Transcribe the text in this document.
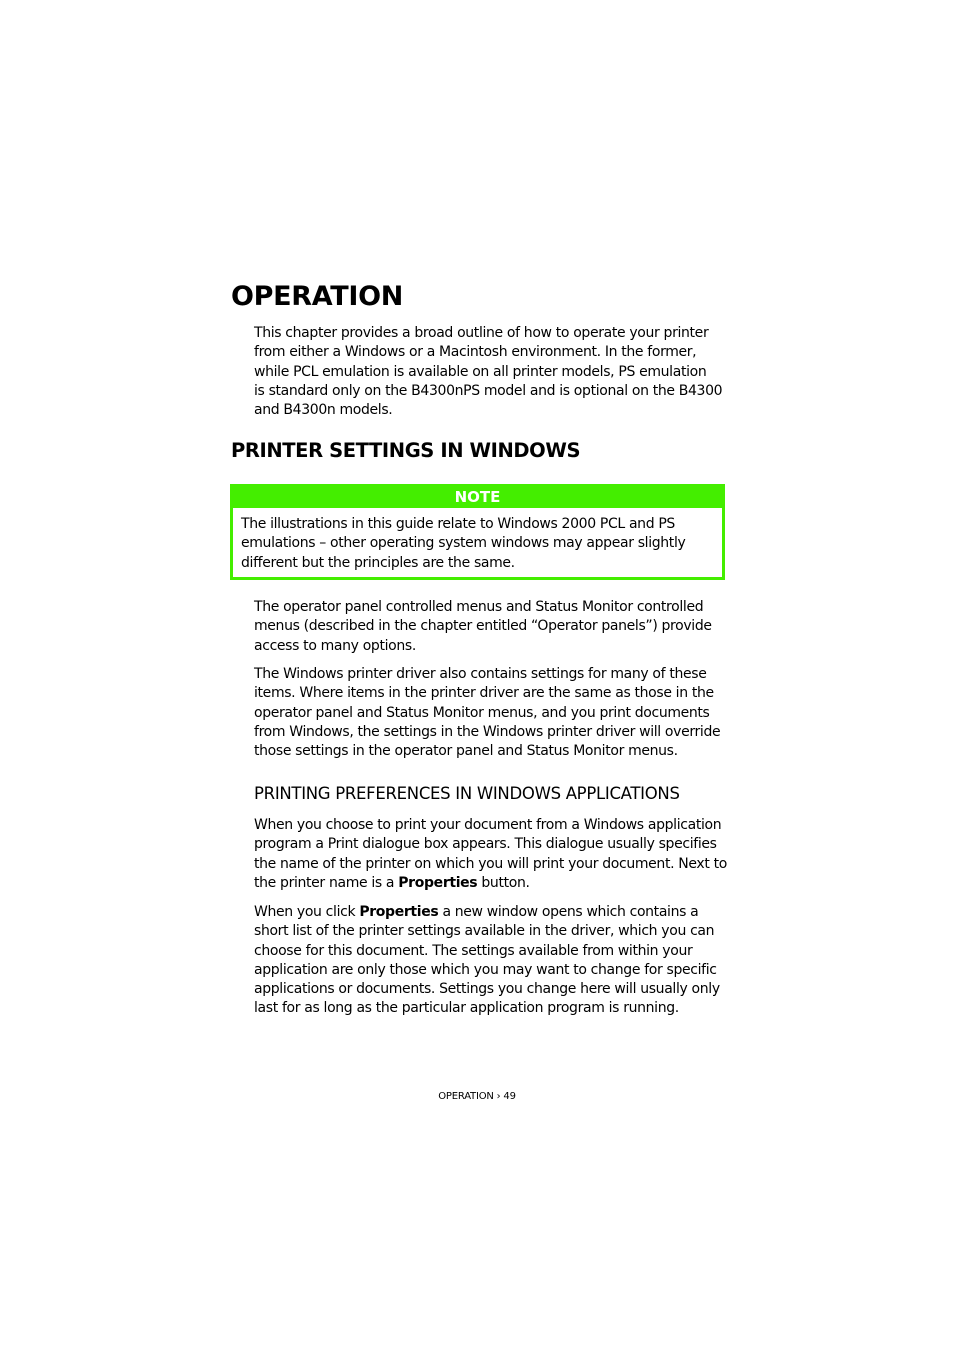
OPERATION

This chapter provides a broad outline of how to operate your printer
from either a Windows or a Macintosh environment. In the former,
while PCL emulation is available on all printer models, PS emulation
is standard only on the B4300nPS model and is optional on the B4300
and B4300n models.

PRINTER SETTINGS IN WINDOWS
NOTE

The illustrations in this guide relate to Windows 2000 PCL and PS
emulations – other operating system windows may appear slightly
different but the principles are the same.

The operator panel controlled menus and Status Monitor controlled
menus (described in the chapter entitled “Operator panels”) provide
access to many options.

The Windows printer driver also contains settings for many of these
items. Where items in the printer driver are the same as those in the
operator panel and Status Monitor menus, and you print documents
from Windows, the settings in the Windows printer driver will override
those settings in the operator panel and Status Monitor menus.

PRINTING PREFERENCES IN WINDOWS APPLICATIONS

When you choose to print your document from a Windows application
program a Print dialogue box appears. This dialogue usually specifies
the name of the printer on which you will print your document. Next to
the printer name is a Properties button.

When you click Properties a new window opens which contains a
short list of the printer settings available in the driver, which you can
choose for this document. The settings available from within your
application are only those which you may want to change for specific
applications or documents. Settings you change here will usually only
last for as long as the particular application program is running.

OPERATION › 49
